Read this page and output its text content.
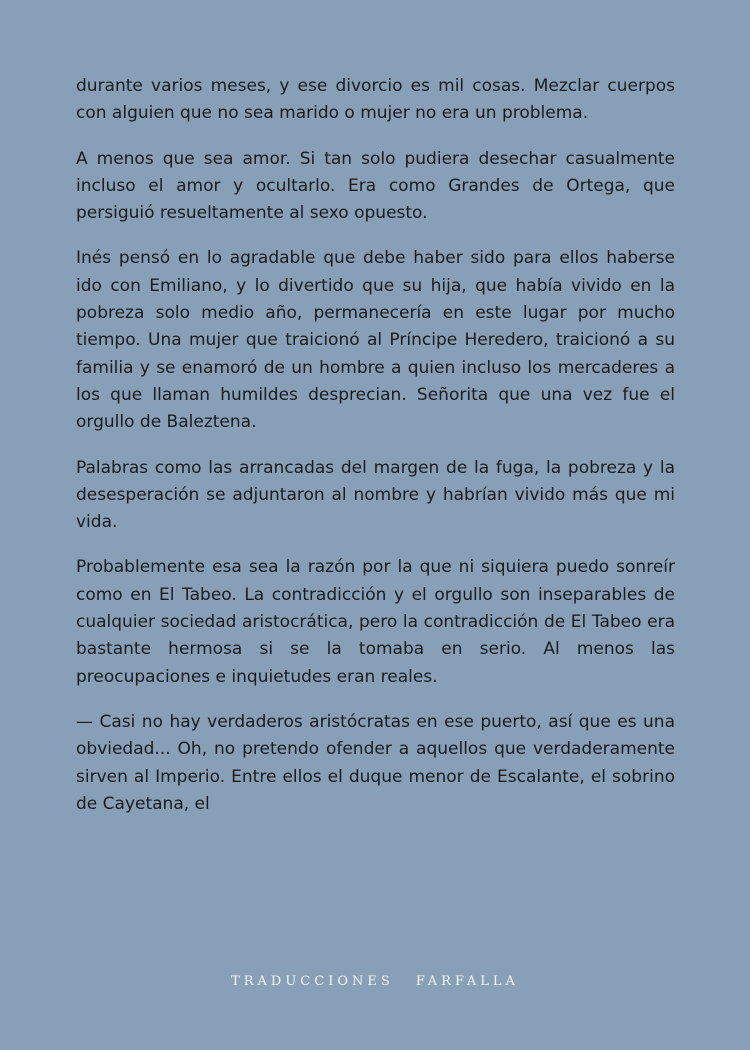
durante varios meses, y ese divorcio es mil cosas. Mezclar cuerpos con alguien que no sea marido o mujer no era un problema.

A menos que sea amor. Si tan solo pudiera desechar casualmente incluso el amor y ocultarlo. Era como Grandes de Ortega, que persiguió resueltamente al sexo opuesto.

Inés pensó en lo agradable que debe haber sido para ellos haberse ido con Emiliano, y lo divertido que su hija, que había vivido en la pobreza solo medio año, permanecería en este lugar por mucho tiempo. Una mujer que traicionó al Príncipe Heredero, traicionó a su familia y se enamoró de un hombre a quien incluso los mercaderes a los que llaman humildes desprecian. Señorita que una vez fue el orgullo de Baleztena.

Palabras como las arrancadas del margen de la fuga, la pobreza y la desesperación se adjuntaron al nombre y habrían vivido más que mi vida.

Probablemente esa sea la razón por la que ni siquiera puedo sonreír como en El Tabeo. La contradicción y el orgullo son inseparables de cualquier sociedad aristocrática, pero la contradicción de El Tabeo era bastante hermosa si se la tomaba en serio. Al menos las preocupaciones e inquietudes eran reales.

— Casi no hay verdaderos aristócratas en ese puerto, así que es una obviedad... Oh, no pretendo ofender a aquellos que verdaderamente sirven al Imperio. Entre ellos el duque menor de Escalante, el sobrino de Cayetana, el

TRADUCCIONES FARFALLA
